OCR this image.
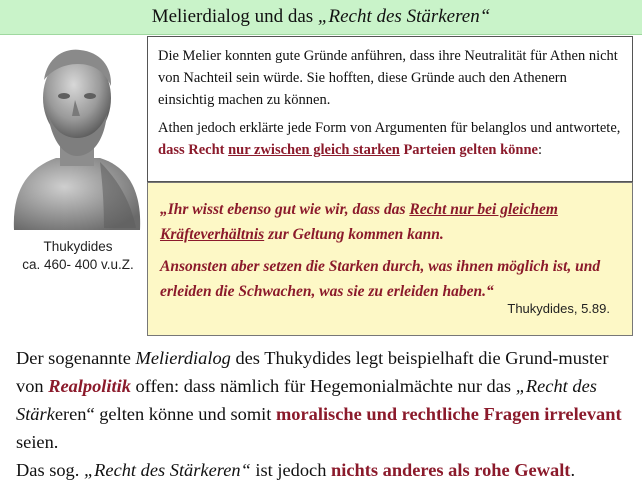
Melierdialog und das
„Recht des Stärkeren“
Thukydides
ca. 460- 400 v.u.Z.

Die Melier konnten gute Gründe anführen, dass ihre Neutralität für Athen nicht von Nachteil sein würde. Sie hofften, diese Gründe auch den Athenern einsichtig machen zu können.

Athen jedoch erklärte jede Form von Argumenten für belanglos und antwortete, dass Recht nur zwischen gleich starken Parteien gelten könne:

„Ihr wisst ebenso gut wie wir, dass das Recht nur bei gleichem Kräfteverhältnis zur Geltung kommen kann.

Ansonsten aber setzen die Starken durch, was ihnen möglich ist, und erleiden die Schwachen, was sie zu erleiden haben.“

Thukydides, 5.89.

Der sogenannte Melierdialog des Thukydides legt beispielhaft die Grund-muster von Realpolitik offen: dass nämlich für Hegemonialmächte nur das „Recht des Stärkeren“ gelten könne und somit moralische und rechtliche Fragen irrelevant seien.

Das sog. „Recht des Stärkeren“ ist jedoch nichts anderes als rohe Gewalt.
